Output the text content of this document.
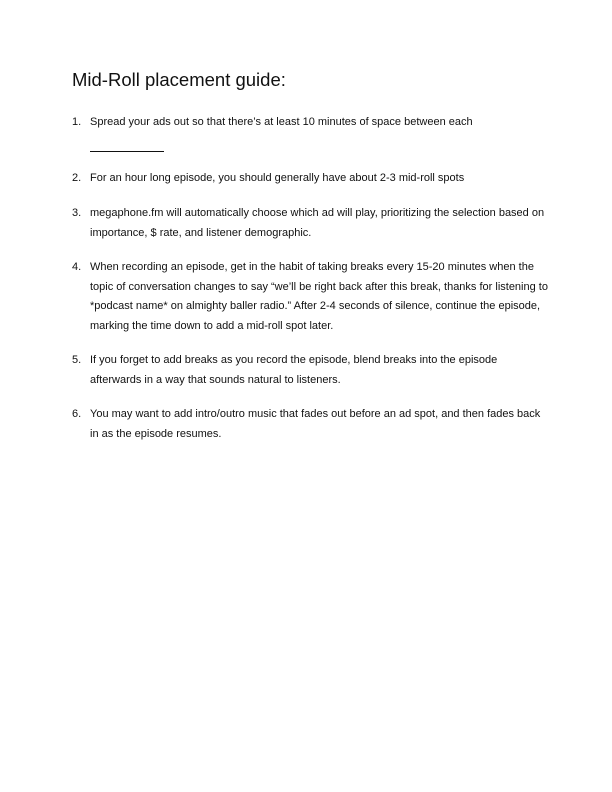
Mid-Roll placement guide:
1. Spread your ads out so that there’s at least 10 minutes of space between each
2. For an hour long episode, you should generally have about 2-3 mid-roll spots
3. megaphone.fm will automatically choose which ad will play, prioritizing the selection based on importance, $ rate, and listener demographic.
4. When recording an episode, get in the habit of taking breaks every 15-20 minutes when the topic of conversation changes to say “we’ll be right back after this break, thanks for listening to *podcast name* on almighty baller radio.” After 2-4 seconds of silence, continue the episode, marking the time down to add a mid-roll spot later.
5. If you forget to add breaks as you record the episode, blend breaks into the episode afterwards in a way that sounds natural to listeners.
6. You may want to add intro/outro music that fades out before an ad spot, and then fades back in as the episode resumes.
